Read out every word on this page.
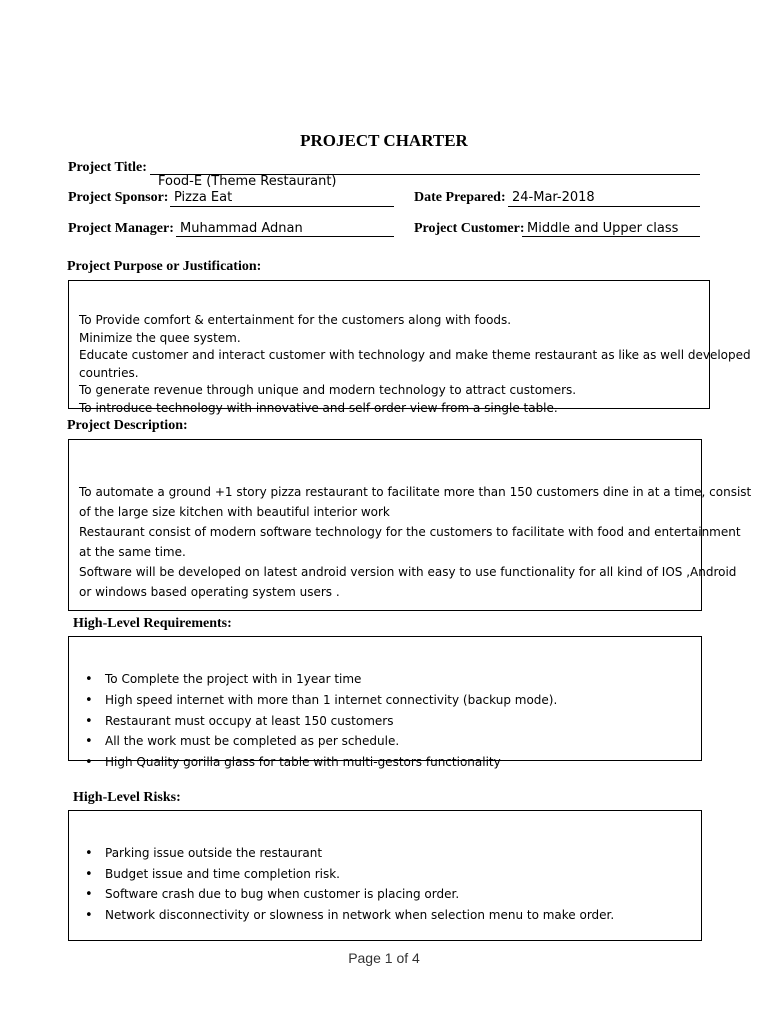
PROJECT CHARTER
Project Title:
Food-E (Theme Restaurant)
Project Sponsor: Pizza Eat	Date Prepared: 24-Mar-2018
Project Manager: Muhammad Adnan	Project Customer: Middle and Upper class
Project Purpose or Justification:
To Provide comfort & entertainment for the customers along with foods.
Minimize the quee system.
Educate customer and interact customer with technology and make theme restaurant as like as well developed
countries.
To generate revenue through unique and modern technology to attract customers.
To introduce technology with innovative and self-order view from a single table.
Project Description:
To automate a ground +1 story pizza restaurant to facilitate more than 150 customers dine in at a time, consist
of the large size kitchen with beautiful interior work
Restaurant consist of modern software technology for the customers to facilitate with food and entertainment
at the same time.
Software will be developed on latest android version with easy to use functionality for all kind of IOS ,Android
or windows based operating system users .
High-Level Requirements:
• To Complete the project with in 1year time
• High speed internet with more than 1 internet connectivity (backup mode).
• Restaurant must occupy at least 150 customers
• All the work must be completed as per schedule.
• High Quality gorilla glass for table with multi-gestors functionality
High-Level Risks:
• Parking issue outside the restaurant
• Budget issue and time completion risk.
• Software crash due to bug when customer is placing order.
• Network disconnectivity or slowness in network when selection menu to make order.
Page 1 of 4
